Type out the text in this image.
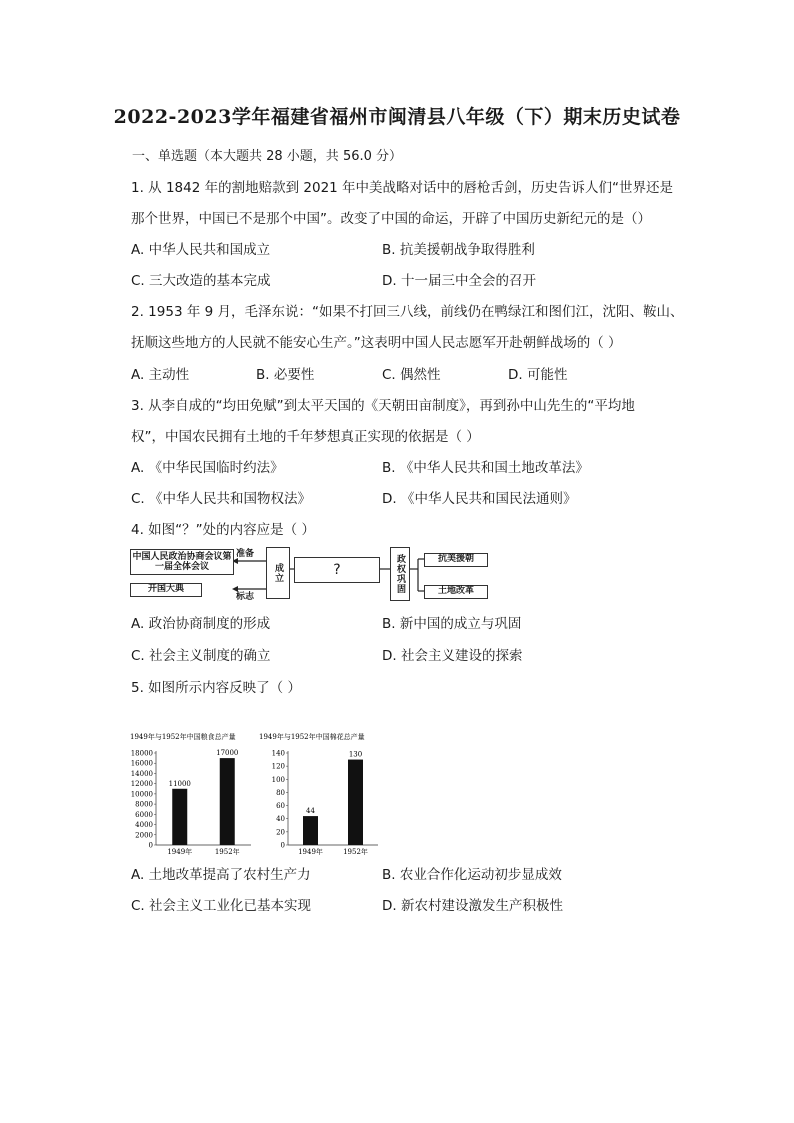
2022-2023学年福建省福州市闽清县八年级（下）期末历史试卷
一、单选题（本大题共 28 小题，共 56.0 分）
1. 从 1842 年的割地赔款到 2021 年中美战略对话中的唇枪舌剑，历史告诉人们“世界还是
那个世界，中国已不是那个中国”。改变了中国的命运，开辟了中国历史新纪元的是（）
A. 中华人民共和国成立	B. 抗美援朝战争取得胜利
C. 三大改造的基本完成	D. 十一届三中全会的召开
2. 1953 年 9 月，毛泽东说：“如果不打回三八线，前线仍在鸭绿江和图们江，沈阳、鞍山、
抚顺这些地方的人民就不能安心生产。”这表明中国人民志愿军开赴朝鲜战场的（ ）
A. 主动性	B. 必要性	C. 偶然性	D. 可能性
3. 从李自成的“均田免赋”到太平天国的《天朝田亩制度》，再到孙中山先生的“平均地
权”，中国农民拥有土地的千年梦想真正实现的依据是（ ）
A. 《中华民国临时约法》	B. 《中华人民共和国土地改革法》
C. 《中华人民共和国物权法》	D. 《中华人民共和国民法通则》
4. 如图“？”处的内容应是（ ）
中国人民政治协商会议第一届全体会议
开国大典
准备
标志
成立	?	政权巩固	抗美援朝
土地改革
A. 政治协商制度的形成	B. 新中国的成立与巩固
C. 社会主义制度的确立	D. 社会主义建设的探索
5. 如图所示内容反映了（ ）
1949年与1952年中国粮食总产量
0
2000
4000
6000
8000
10000
12000
14000
16000
18000
11000
1949年
17000
1952年
1949年与1952年中国棉花总产量
0
20
40
60
80
100
120
140
44
1949年
130
1952年
A. 土地改革提高了农村生产力	B. 农业合作化运动初步显成效
C. 社会主义工业化已基本实现	D. 新农村建设激发生产积极性
